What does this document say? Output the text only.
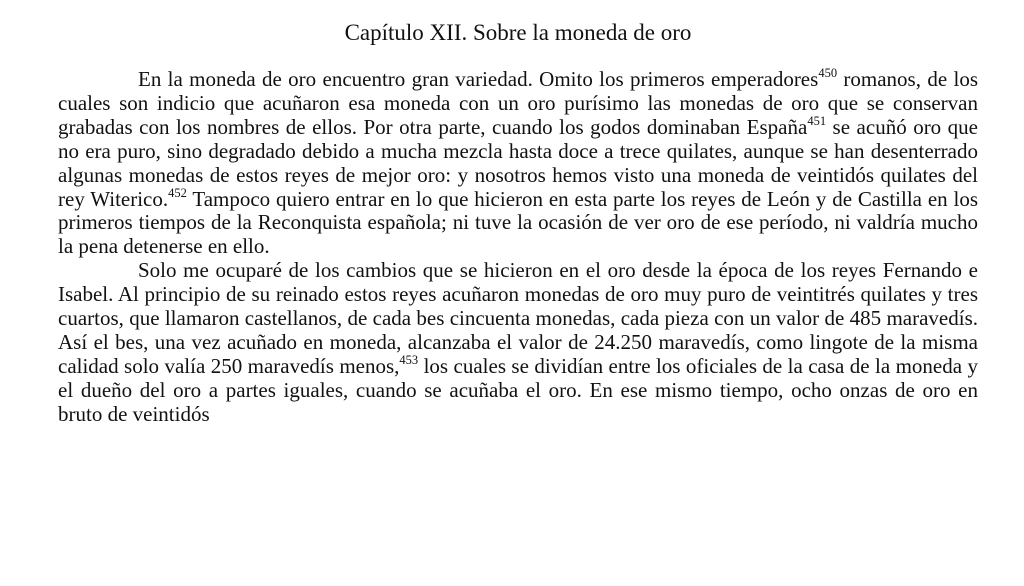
Capítulo XII. Sobre la moneda de oro

En la moneda de oro encuentro gran variedad. Omito los primeros emperadores$^{450}$ romanos, de los cuales son indicio que acuñaron esa moneda con un oro purísimo las monedas de oro que se conservan grabadas con los nombres de ellos. Por otra parte, cuando los godos dominaban España$^{451}$ se acuñó oro que no era puro, sino degradado debido a mucha mezcla hasta doce a trece quilates, aunque se han desenterrado algunas monedas de estos reyes de mejor oro: y nosotros hemos visto una moneda de veintidós quilates del rey Witerico.$^{452}$ Tampoco quiero entrar en lo que hicieron en esta parte los reyes de León y de Castilla en los primeros tiempos de la Reconquista española; ni tuve la ocasión de ver oro de ese período, ni valdría mucho la pena detenerse en ello.

Solo me ocuparé de los cambios que se hicieron en el oro desde la época de los reyes Fernando e Isabel. Al principio de su reinado estos reyes acuñaron monedas de oro muy puro de veintitrés quilates y tres cuartos, que llamaron castellanos, de cada bes cincuenta monedas, cada pieza con un valor de 485 maravedís. Así el bes, una vez acuñado en moneda, alcanzaba el valor de 24.250 maravedís, como lingote de la misma calidad solo valía 250 maravedís menos,$^{453}$ los cuales se dividían entre los oficiales de la casa de la moneda y el dueño del oro a partes iguales, cuando se acuñaba el oro. En ese mismo tiempo, ocho onzas de oro en bruto de veintidós
